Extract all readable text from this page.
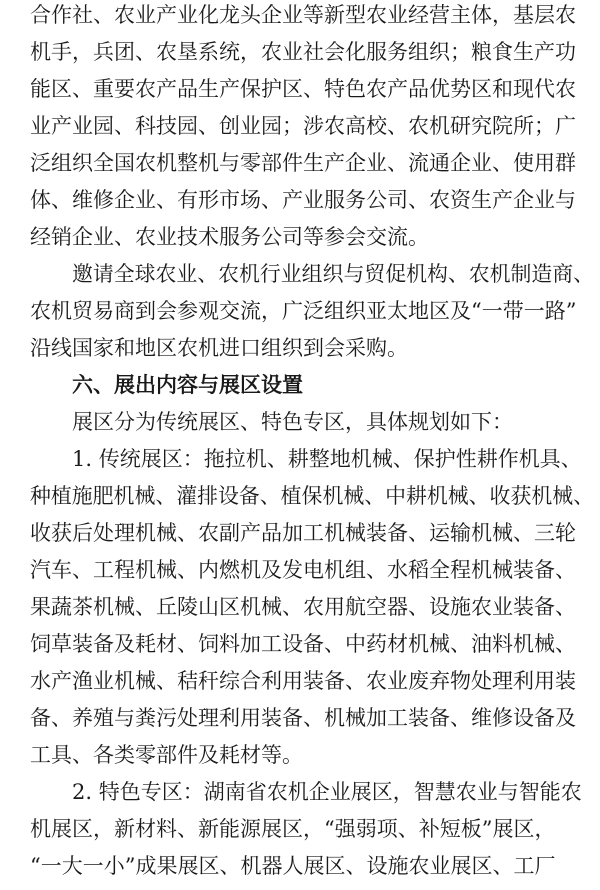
合作社、农业产业化龙头企业等新型农业经营主体，基层农
机手，兵团、农垦系统，农业社会化服务组织；粮食生产功
能区、重要农产品生产保护区、特色农产品优势区和现代农
业产业园、科技园、创业园；涉农高校、农机研究院所；广
泛组织全国农机整机与零部件生产企业、流通企业、使用群
体、维修企业、有形市场、产业服务公司、农资生产企业与
经销企业、农业技术服务公司等参会交流。
邀请全球农业、农机行业组织与贸促机构、农机制造商、
农机贸易商到会参观交流，广泛组织亚太地区及“一带一路”
沿线国家和地区农机进口组织到会采购。
六、展出内容与展区设置
展区分为传统展区、特色专区，具体规划如下：
1. 传统展区：拖拉机、耕整地机械、保护性耕作机具、
种植施肥机械、灌排设备、植保机械、中耕机械、收获机械、
收获后处理机械、农副产品加工机械装备、运输机械、三轮
汽车、工程机械、内燃机及发电机组、水稻全程机械装备、
果蔬茶机械、丘陵山区机械、农用航空器、设施农业装备、
饲草装备及耗材、饲料加工设备、中药材机械、油料机械、
水产渔业机械、秸秆综合利用装备、农业废弃物处理利用装
备、养殖与粪污处理利用装备、机械加工装备、维修设备及
工具、各类零部件及耗材等。
2. 特色专区：湖南省农机企业展区，智慧农业与智能农
机展区，新材料、新能源展区，“强弱项、补短板”展区，
“一大一小”成果展区、机器人展区、设施农业展区、工厂
